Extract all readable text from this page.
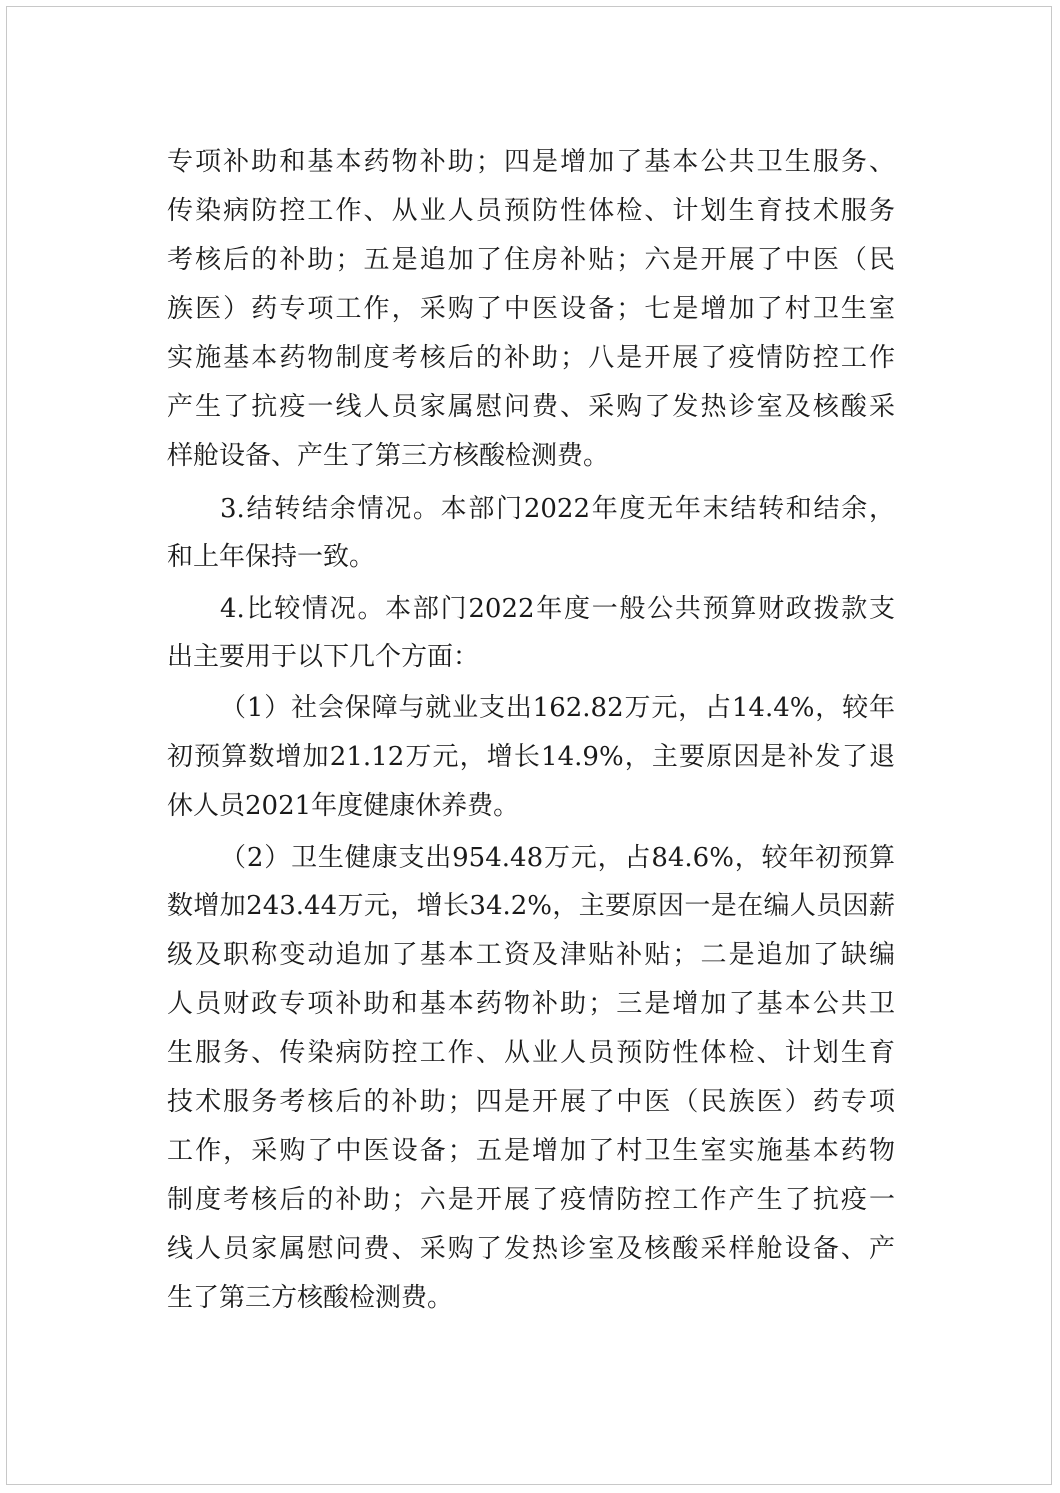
专项补助和基本药物补助；四是增加了基本公共卫生服务、
传染病防控工作、从业人员预防性体检、计划生育技术服务
考核后的补助；五是追加了住房补贴；六是开展了中医（民
族医）药专项工作，采购了中医设备；七是增加了村卫生室
实施基本药物制度考核后的补助；八是开展了疫情防控工作
产生了抗疫一线人员家属慰问费、采购了发热诊室及核酸采
样舱设备、产生了第三方核酸检测费。
3.结转结余情况。本部门2022年度无年末结转和结余，
和上年保持一致。
4.比较情况。本部门2022年度一般公共预算财政拨款支
出主要用于以下几个方面：
（1）社会保障与就业支出162.82万元，占14.4%，较年
初预算数增加21.12万元，增长14.9%，主要原因是补发了退
休人员2021年度健康休养费。
（2）卫生健康支出954.48万元，占84.6%，较年初预算
数增加243.44万元，增长34.2%，主要原因一是在编人员因薪
级及职称变动追加了基本工资及津贴补贴；二是追加了缺编
人员财政专项补助和基本药物补助；三是增加了基本公共卫
生服务、传染病防控工作、从业人员预防性体检、计划生育
技术服务考核后的补助；四是开展了中医（民族医）药专项
工作，采购了中医设备；五是增加了村卫生室实施基本药物
制度考核后的补助；六是开展了疫情防控工作产生了抗疫一
线人员家属慰问费、采购了发热诊室及核酸采样舱设备、产
生了第三方核酸检测费。
